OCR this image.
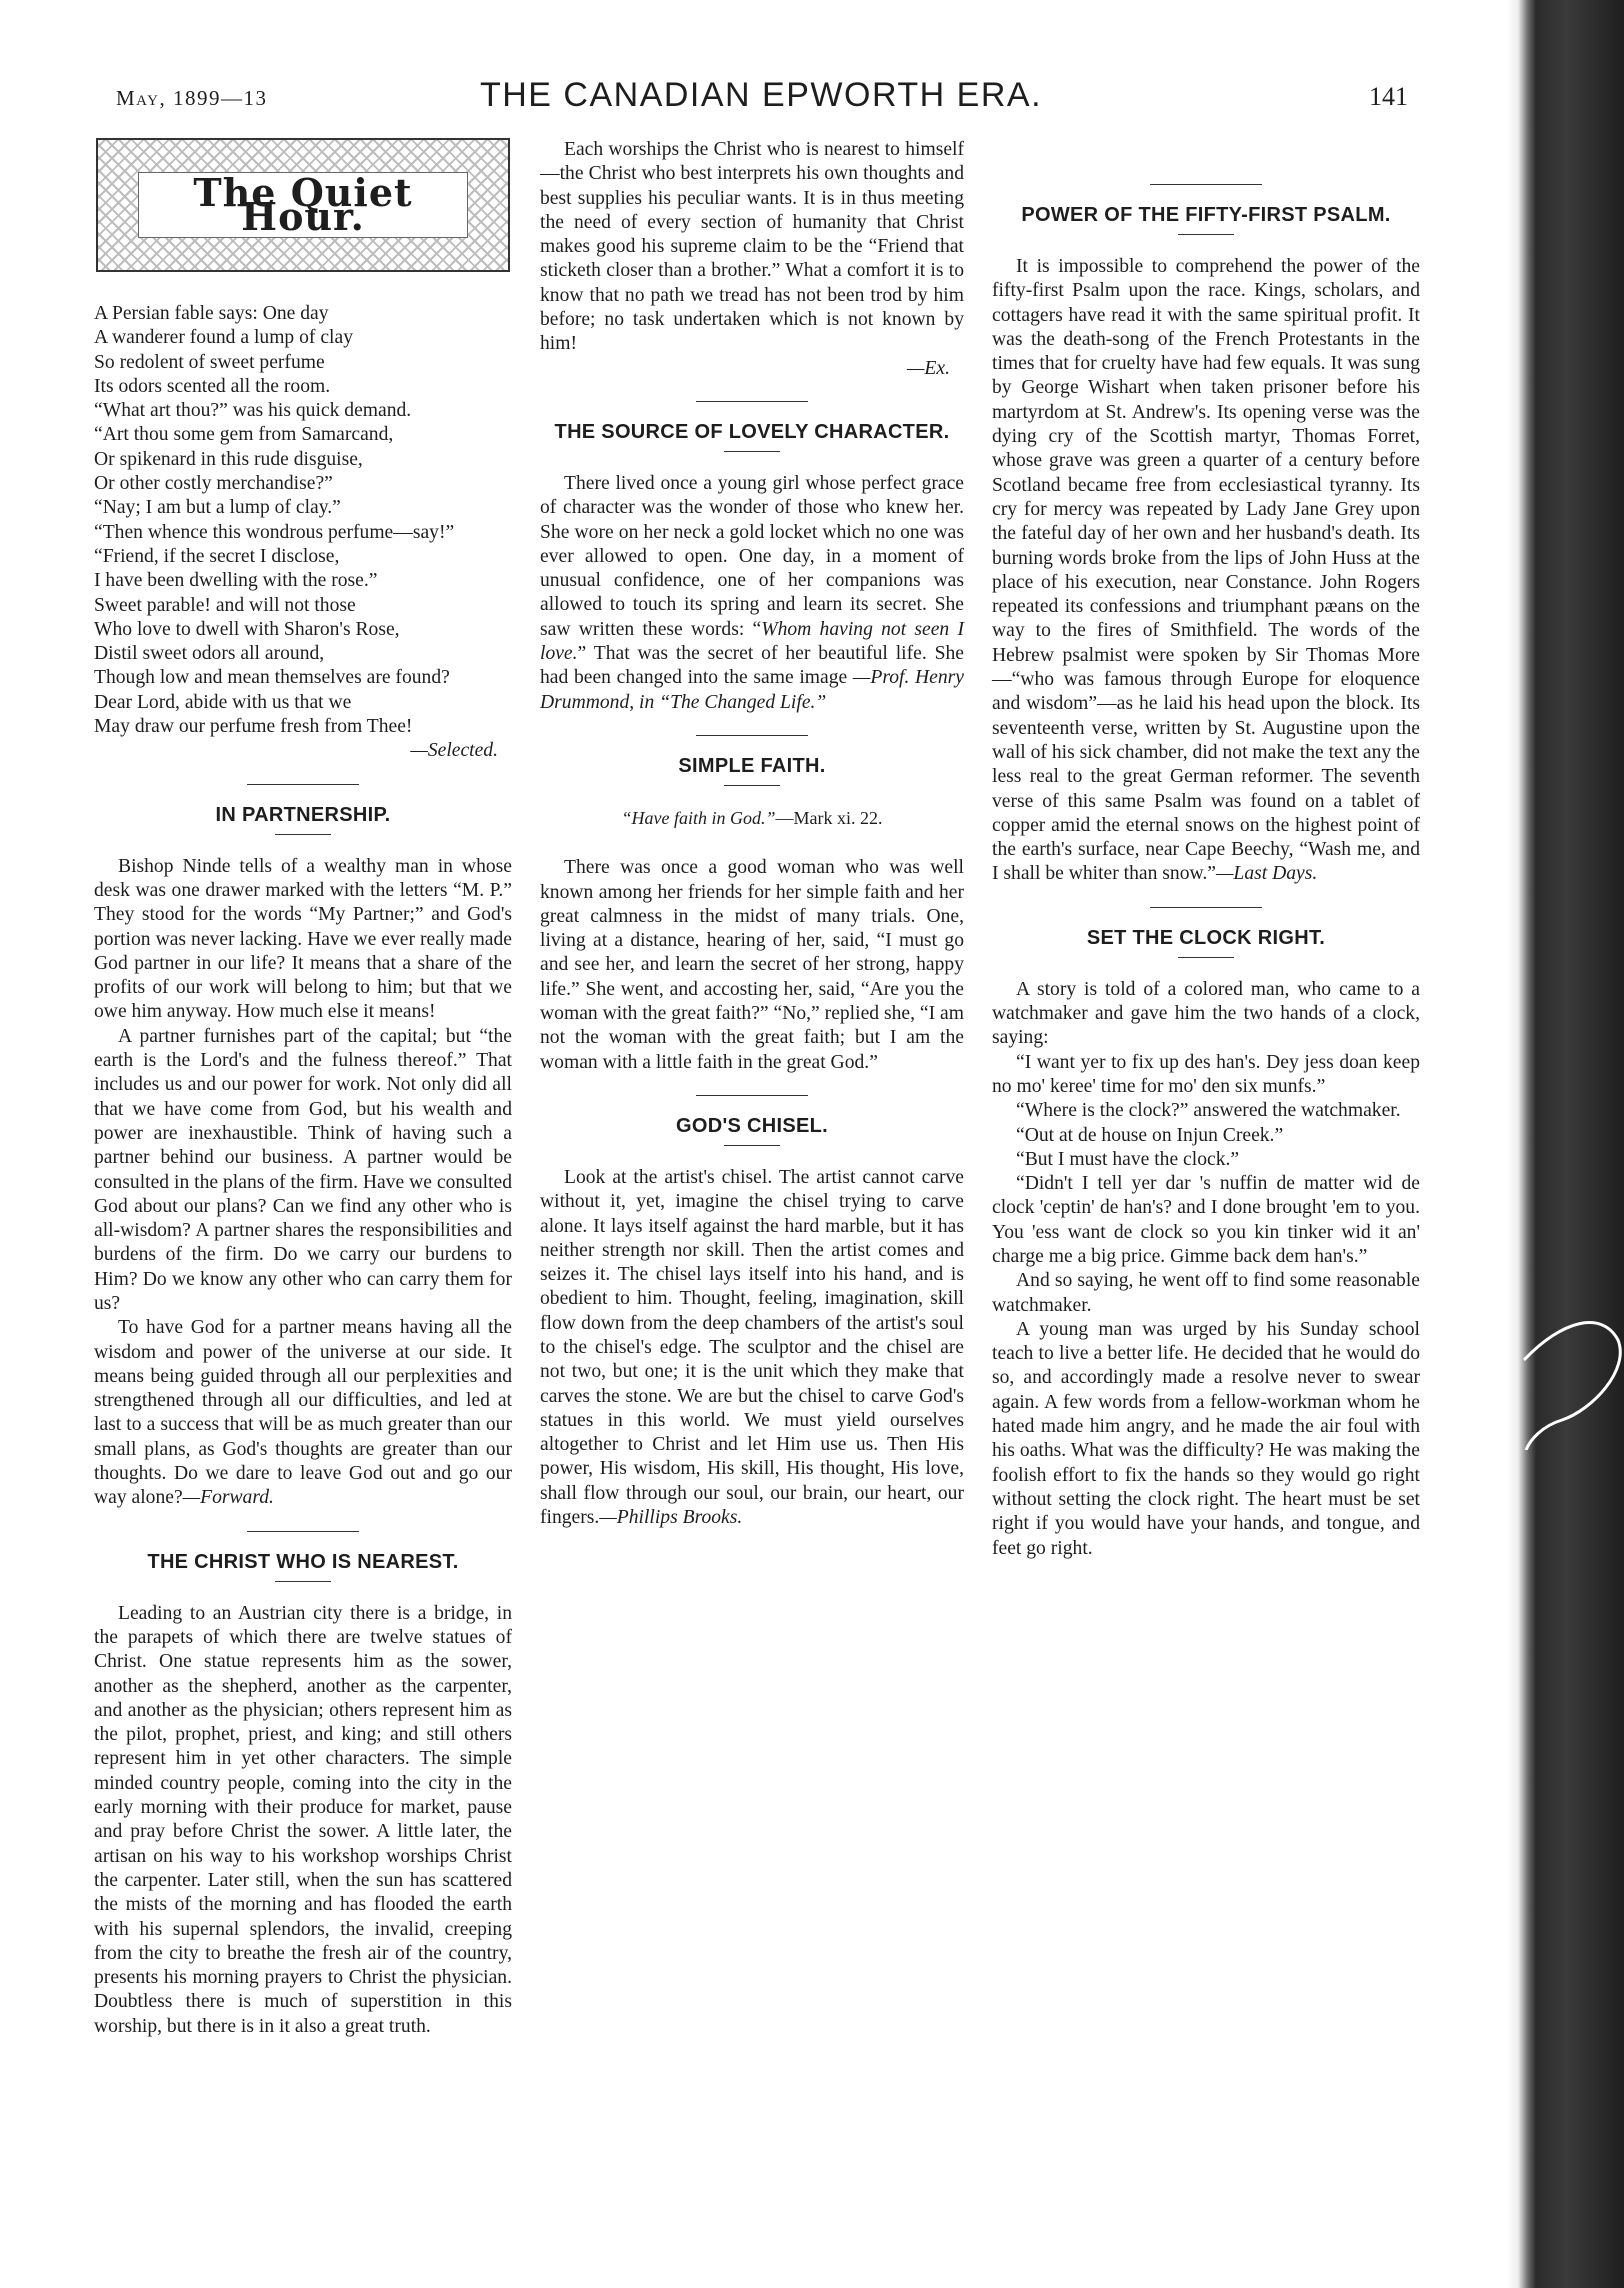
May, 1899—13	THE CANADIAN EPWORTH ERA.	141
The Quiet Hour.
A Persian fable says: One day
A wanderer found a lump of clay
So redolent of sweet perfume
Its odors scented all the room.
“What art thou?” was his quick demand.
“Art thou some gem from Samarcand,
Or spikenard in this rude disguise,
Or other costly merchandise?”
“Nay; I am but a lump of clay.”
“Then whence this wondrous perfume—say!”
“Friend, if the secret I disclose,
I have been dwelling with the rose.”
Sweet parable! and will not those
Who love to dwell with Sharon's Rose,
Distil sweet odors all around,
Though low and mean themselves are found?
Dear Lord, abide with us that we
May draw our perfume fresh from Thee!
—Selected.
IN PARTNERSHIP.

Bishop Ninde tells of a wealthy man in whose desk was one drawer marked with the letters “M. P.” They stood for the words “My Partner;” and God's portion was never lacking. Have we ever really made God partner in our life? It means that a share of the profits of our work will belong to him; but that we owe him anyway. How much else it means!

A partner furnishes part of the capital; but “the earth is the Lord's and the fulness thereof.” That includes us and our power for work. Not only did all that we have come from God, but his wealth and power are inexhaustible. Think of having such a partner behind our business. A partner would be consulted in the plans of the firm. Have we consulted God about our plans? Can we find any other who is all-wisdom? A partner shares the responsibilities and burdens of the firm. Do we carry our burdens to Him? Do we know any other who can carry them for us?

To have God for a partner means having all the wisdom and power of the universe at our side. It means being guided through all our perplexities and strengthened through all our difficulties, and led at last to a success that will be as much greater than our small plans, as God's thoughts are greater than our thoughts. Do we dare to leave God out and go our way alone?—Forward.

THE CHRIST WHO IS NEAREST.

Leading to an Austrian city there is a bridge, in the parapets of which there are twelve statues of Christ. One statue represents him as the sower, another as the shepherd, another as the carpenter, and another as the physician; others represent him as the pilot, prophet, priest, and king; and still others represent him in yet other characters. The simple minded country people, coming into the city in the early morning with their produce for market, pause and pray before Christ the sower. A little later, the artisan on his way to his workshop worships Christ the carpenter. Later still, when the sun has scattered the mists of the morning and has flooded the earth with his supernal splendors, the invalid, creeping from the city to breathe the fresh air of the country, presents his morning prayers to Christ the physician. Doubtless there is much of superstition in this worship, but there is in it also a great truth.

Each worships the Christ who is nearest to himself—the Christ who best interprets his own thoughts and best supplies his peculiar wants. It is in thus meeting the need of every section of humanity that Christ makes good his supreme claim to be the “Friend that sticketh closer than a brother.” What a comfort it is to know that no path we tread has not been trod by him before; no task undertaken which is not known by him!

—Ex.
THE SOURCE OF LOVELY CHARACTER.

There lived once a young girl whose perfect grace of character was the wonder of those who knew her. She wore on her neck a gold locket which no one was ever allowed to open. One day, in a moment of unusual confidence, one of her companions was allowed to touch its spring and learn its secret. She saw written these words: “Whom having not seen I love.” That was the secret of her beautiful life. She had been changed into the same image —Prof. Henry Drummond, in “The Changed Life.”

SIMPLE FAITH.
“Have faith in God.”—Mark xi. 22.

There was once a good woman who was well known among her friends for her simple faith and her great calmness in the midst of many trials. One, living at a distance, hearing of her, said, “I must go and see her, and learn the secret of her strong, happy life.” She went, and accosting her, said, “Are you the woman with the great faith?” “No,” replied she, “I am not the woman with the great faith; but I am the woman with a little faith in the great God.”

GOD'S CHISEL.

Look at the artist's chisel. The artist cannot carve without it, yet, imagine the chisel trying to carve alone. It lays itself against the hard marble, but it has neither strength nor skill. Then the artist comes and seizes it. The chisel lays itself into his hand, and is obedient to him. Thought, feeling, imagination, skill flow down from the deep chambers of the artist's soul to the chisel's edge. The sculptor and the chisel are not two, but one; it is the unit which they make that carves the stone. We are but the chisel to carve God's statues in this world. We must yield ourselves altogether to Christ and let Him use us. Then His power, His wisdom, His skill, His thought, His love, shall flow through our soul, our brain, our heart, our fingers.—Phillips Brooks.

POWER OF THE FIFTY-FIRST PSALM.

It is impossible to comprehend the power of the fifty-first Psalm upon the race. Kings, scholars, and cottagers have read it with the same spiritual profit. It was the death-song of the French Protestants in the times that for cruelty have had few equals. It was sung by George Wishart when taken prisoner before his martyrdom at St. Andrew's. Its opening verse was the dying cry of the Scottish martyr, Thomas Forret, whose grave was green a quarter of a century before Scotland became free from ecclesiastical tyranny. Its cry for mercy was repeated by Lady Jane Grey upon the fateful day of her own and her husband's death. Its burning words broke from the lips of John Huss at the place of his execution, near Constance. John Rogers repeated its confessions and triumphant pæans on the way to the fires of Smithfield. The words of the Hebrew psalmist were spoken by Sir Thomas More —“who was famous through Europe for eloquence and wisdom”—as he laid his head upon the block. Its seventeenth verse, written by St. Augustine upon the wall of his sick chamber, did not make the text any the less real to the great German reformer. The seventh verse of this same Psalm was found on a tablet of copper amid the eternal snows on the highest point of the earth's surface, near Cape Beechy, “Wash me, and I shall be whiter than snow.”—Last Days.

SET THE CLOCK RIGHT.

A story is told of a colored man, who came to a watchmaker and gave him the two hands of a clock, saying:

“I want yer to fix up des han's. Dey jess doan keep no mo' keree' time for mo' den six munfs.”

“Where is the clock?” answered the watchmaker.

“Out at de house on Injun Creek.”

“But I must have the clock.”

“Didn't I tell yer dar 's nuffin de matter wid de clock 'ceptin' de han's? and I done brought 'em to you. You 'ess want de clock so you kin tinker wid it an' charge me a big price. Gimme back dem han's.”

And so saying, he went off to find some reasonable watchmaker.

A young man was urged by his Sunday school teach to live a better life. He decided that he would do so, and accordingly made a resolve never to swear again. A few words from a fellow-workman whom he hated made him angry, and he made the air foul with his oaths. What was the difficulty? He was making the foolish effort to fix the hands so they would go right without setting the clock right. The heart must be set right if you would have your hands, and tongue, and feet go right.
